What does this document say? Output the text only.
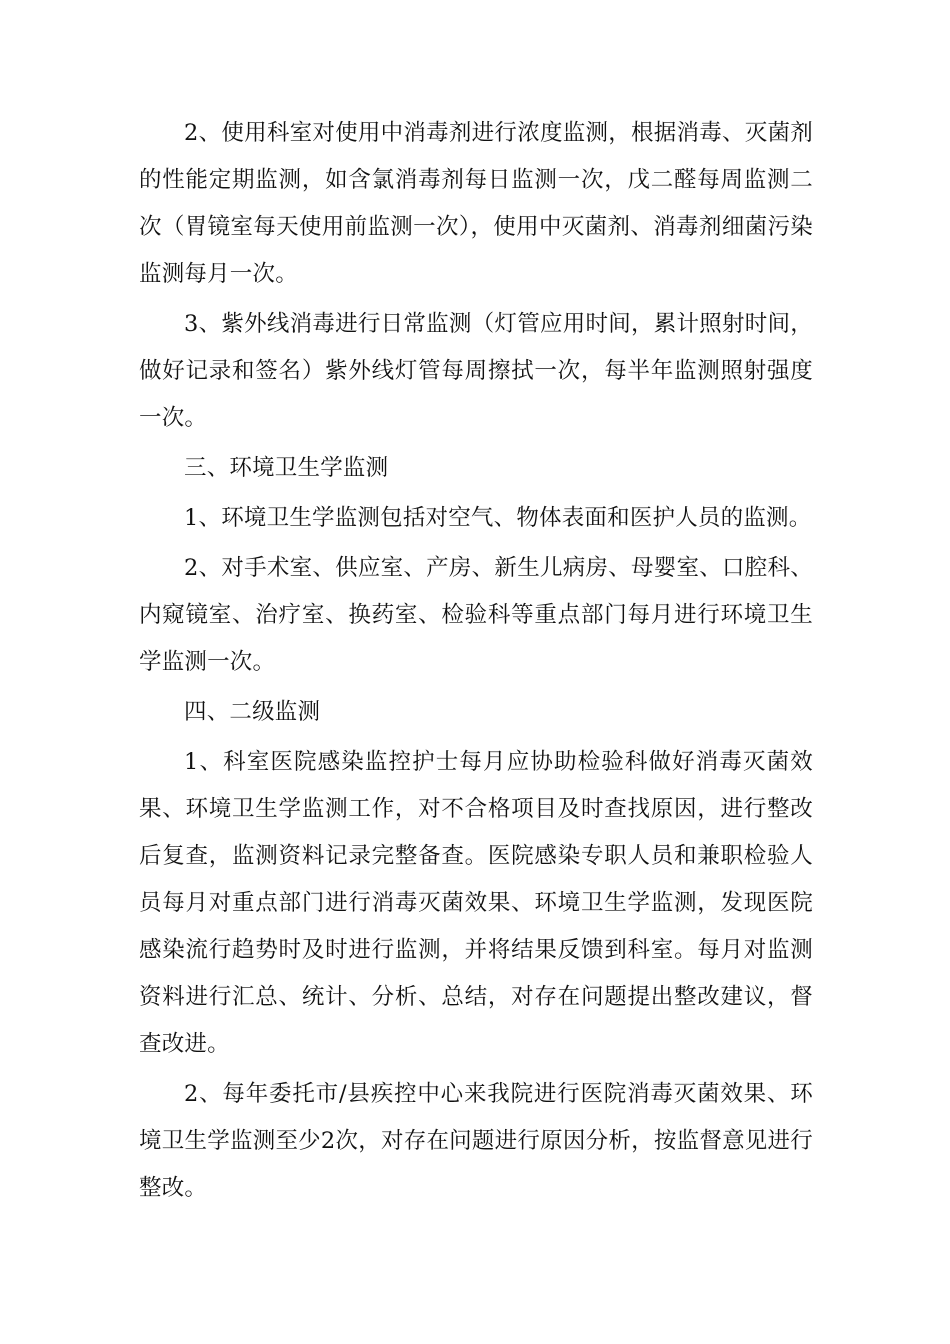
2、使用科室对使用中消毒剂进行浓度监测，根据消毒、灭菌剂的性能定期监测，如含氯消毒剂每日监测一次，戊二醛每周监测二次（胃镜室每天使用前监测一次），使用中灭菌剂、消毒剂细菌污染监测每月一次。

3、紫外线消毒进行日常监测（灯管应用时间，累计照射时间，做好记录和签名）紫外线灯管每周擦拭一次，每半年监测照射强度一次。

三、环境卫生学监测

1、环境卫生学监测包括对空气、物体表面和医护人员的监测。

2、对手术室、供应室、产房、新生儿病房、母婴室、口腔科、内窥镜室、治疗室、换药室、检验科等重点部门每月进行环境卫生学监测一次。

四、二级监测

1、科室医院感染监控护士每月应协助检验科做好消毒灭菌效果、环境卫生学监测工作，对不合格项目及时查找原因，进行整改后复查，监测资料记录完整备查。医院感染专职人员和兼职检验人员每月对重点部门进行消毒灭菌效果、环境卫生学监测，发现医院感染流行趋势时及时进行监测，并将结果反馈到科室。每月对监测资料进行汇总、统计、分析、总结，对存在问题提出整改建议，督查改进。

2、每年委托市/县疾控中心来我院进行医院消毒灭菌效果、环境卫生学监测至少2次，对存在问题进行原因分析，按监督意见进行整改。
